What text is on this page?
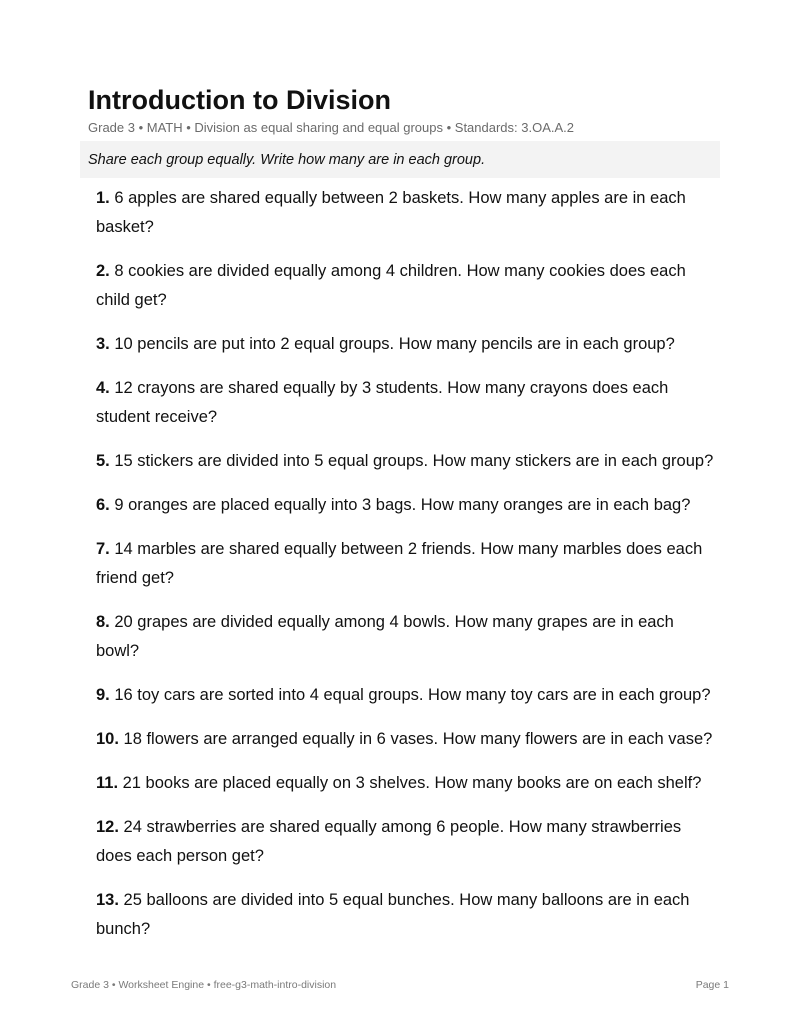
Introduction to Division
Grade 3 • MATH • Division as equal sharing and equal groups • Standards: 3.OA.A.2
Share each group equally. Write how many are in each group.
1. 6 apples are shared equally between 2 baskets. How many apples are in each basket?
2. 8 cookies are divided equally among 4 children. How many cookies does each child get?
3. 10 pencils are put into 2 equal groups. How many pencils are in each group?
4. 12 crayons are shared equally by 3 students. How many crayons does each student receive?
5. 15 stickers are divided into 5 equal groups. How many stickers are in each group?
6. 9 oranges are placed equally into 3 bags. How many oranges are in each bag?
7. 14 marbles are shared equally between 2 friends. How many marbles does each friend get?
8. 20 grapes are divided equally among 4 bowls. How many grapes are in each bowl?
9. 16 toy cars are sorted into 4 equal groups. How many toy cars are in each group?
10. 18 flowers are arranged equally in 6 vases. How many flowers are in each vase?
11. 21 books are placed equally on 3 shelves. How many books are on each shelf?
12. 24 strawberries are shared equally among 6 people. How many strawberries does each person get?
13. 25 balloons are divided into 5 equal bunches. How many balloons are in each bunch?
Grade 3 • Worksheet Engine • free-g3-math-intro-division	Page 1
